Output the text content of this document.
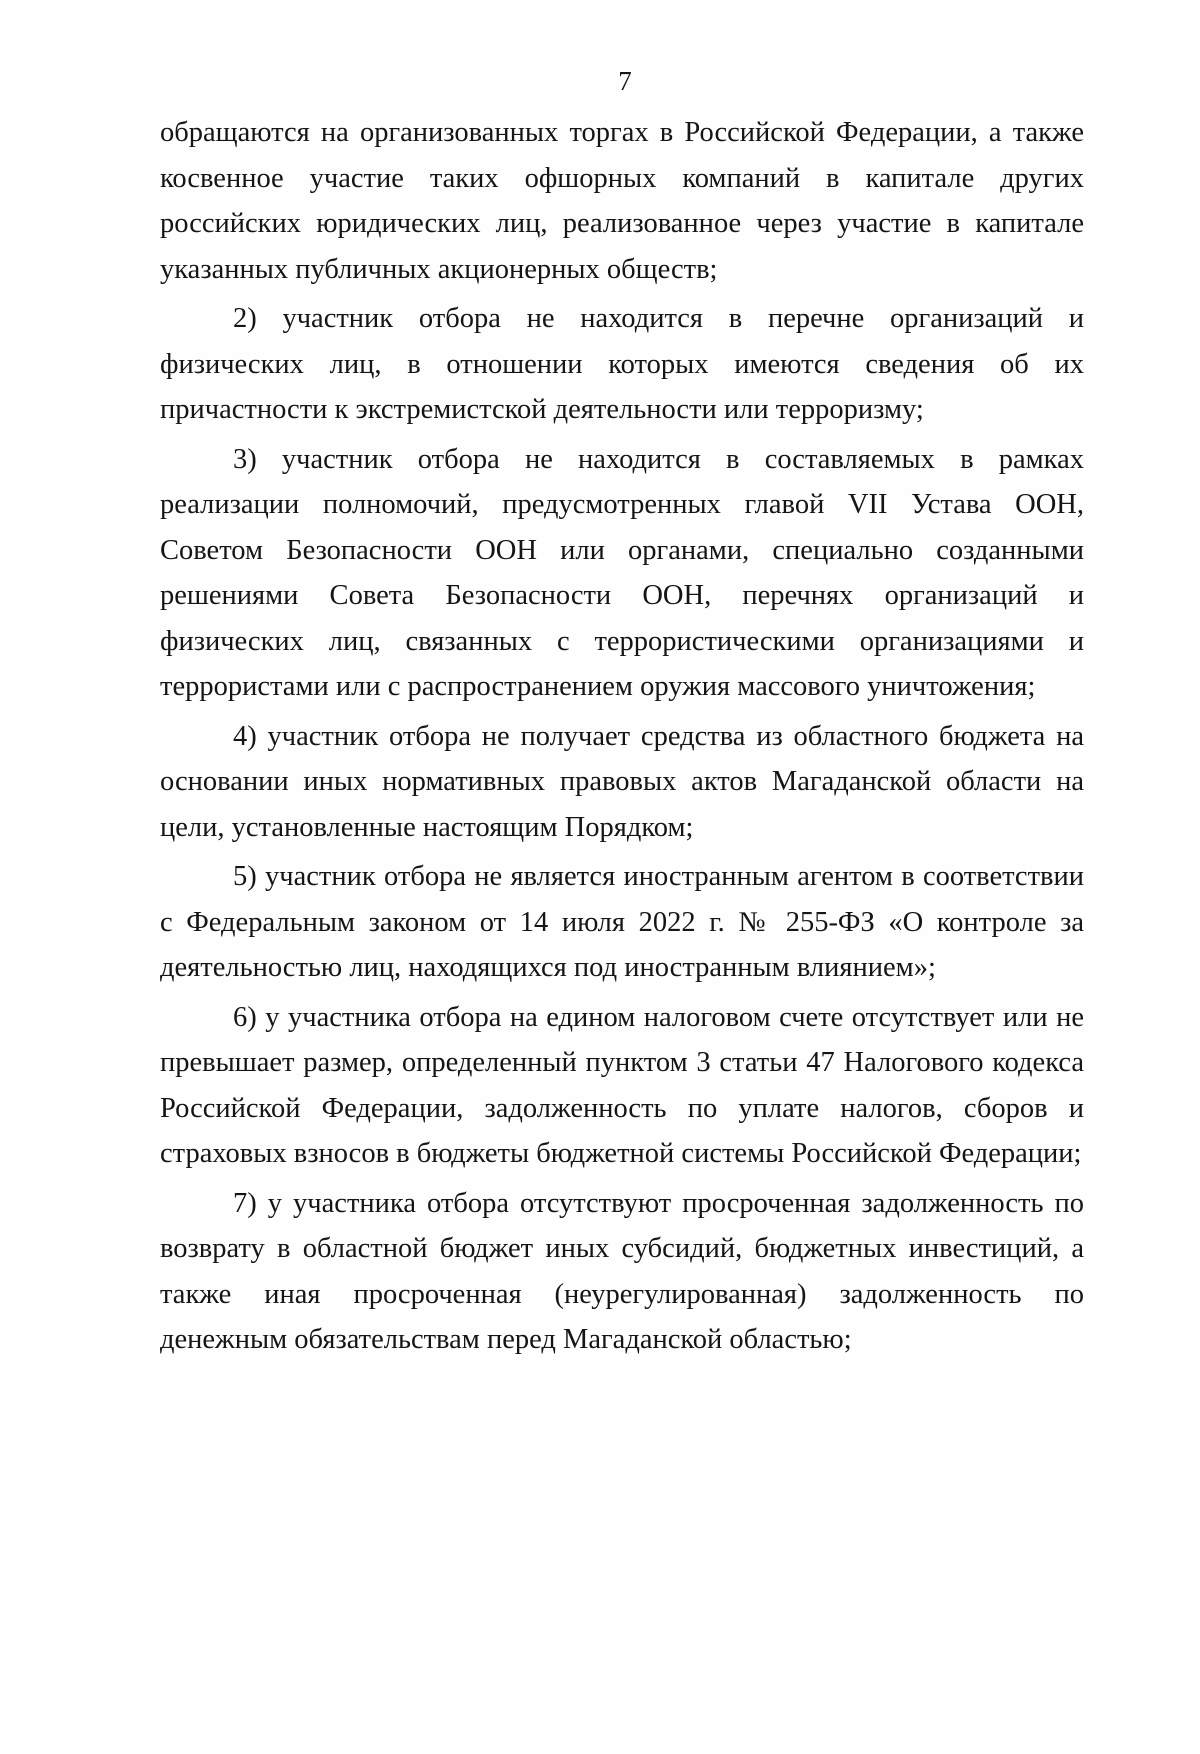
7

обращаются на организованных торгах в Российской Федерации, а также косвенное участие таких офшорных компаний в капитале других российских юридических лиц, реализованное через участие в капитале указанных публичных акционерных обществ;

2) участник отбора не находится в перечне организаций и физических лиц, в отношении которых имеются сведения об их причастности к экстремистской деятельности или терроризму;

3) участник отбора не находится в составляемых в рамках реализации полномочий, предусмотренных главой VII Устава ООН, Советом Безопасности ООН или органами, специально созданными решениями Совета Безопасности ООН, перечнях организаций и физических лиц, связанных с террористическими организациями и террористами или с распространением оружия массового уничтожения;

4) участник отбора не получает средства из областного бюджета на основании иных нормативных правовых актов Магаданской области на цели, установленные настоящим Порядком;

5) участник отбора не является иностранным агентом в соответствии с Федеральным законом от 14 июля 2022 г. № 255-ФЗ «О контроле за деятельностью лиц, находящихся под иностранным влиянием»;

6) у участника отбора на едином налоговом счете отсутствует или не превышает размер, определенный пунктом 3 статьи 47 Налогового кодекса Российской Федерации, задолженность по уплате налогов, сборов и страховых взносов в бюджеты бюджетной системы Российской Федерации;

7) у участника отбора отсутствуют просроченная задолженность по возврату в областной бюджет иных субсидий, бюджетных инвестиций, а также иная просроченная (неурегулированная) задолженность по денежным обязательствам перед Магаданской областью;
